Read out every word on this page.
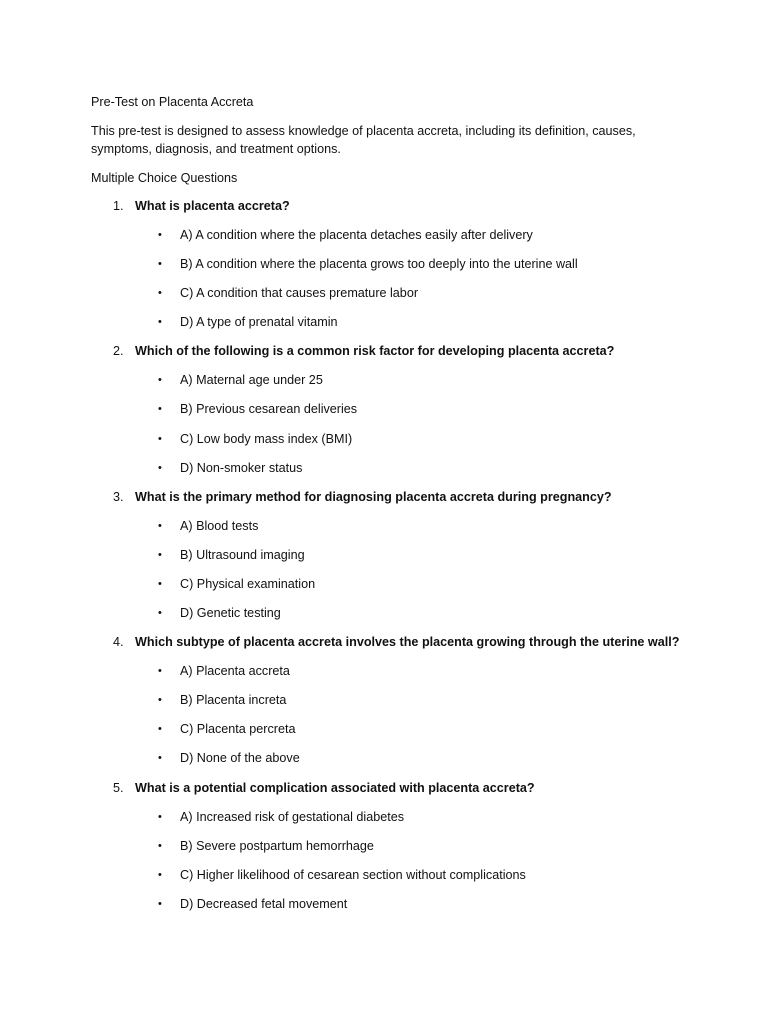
Pre-Test on Placenta Accreta

This pre-test is designed to assess knowledge of placenta accreta, including its definition, causes,
symptoms, diagnosis, and treatment options.

Multiple Choice Questions

1. What is placenta accreta?
• A) A condition where the placenta detaches easily after delivery
• B) A condition where the placenta grows too deeply into the uterine wall
• C) A condition that causes premature labor
• D) A type of prenatal vitamin
2. Which of the following is a common risk factor for developing placenta accreta?
• A) Maternal age under 25
• B) Previous cesarean deliveries
• C) Low body mass index (BMI)
• D) Non-smoker status
3. What is the primary method for diagnosing placenta accreta during pregnancy?
• A) Blood tests
• B) Ultrasound imaging
• C) Physical examination
• D) Genetic testing
4. Which subtype of placenta accreta involves the placenta growing through the uterine wall?
• A) Placenta accreta
• B) Placenta increta
• C) Placenta percreta
• D) None of the above
5. What is a potential complication associated with placenta accreta?
• A) Increased risk of gestational diabetes
• B) Severe postpartum hemorrhage
• C) Higher likelihood of cesarean section without complications
• D) Decreased fetal movement
